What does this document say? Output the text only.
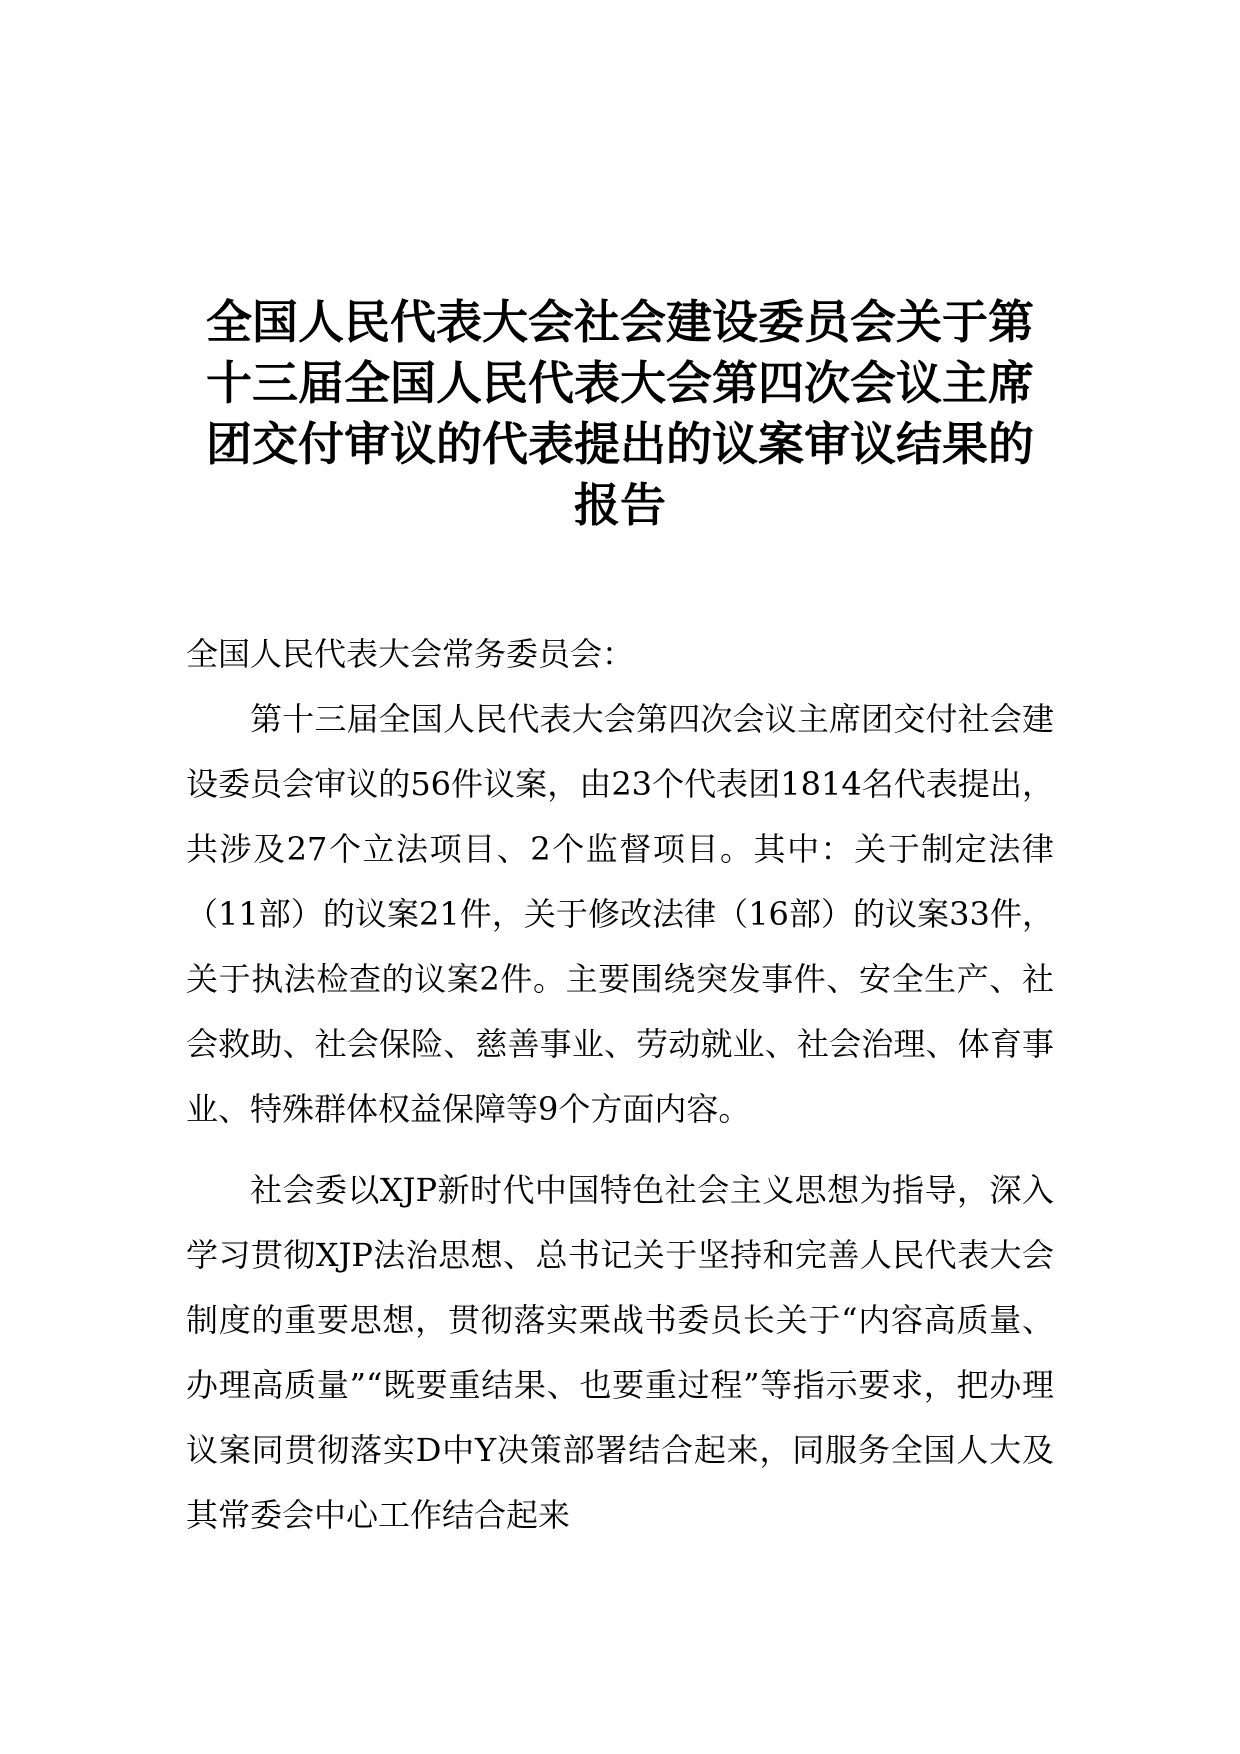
全国人民代表大会社会建设委员会关于第十三届全国人民代表大会第四次会议主席团交付审议的代表提出的议案审议结果的报告

全国人民代表大会常务委员会：

第十三届全国人民代表大会第四次会议主席团交付社会建设委员会审议的56件议案，由23个代表团1814名代表提出，共涉及27个立法项目、2个监督项目。其中：关于制定法律（11部）的议案21件，关于修改法律（16部）的议案33件，关于执法检查的议案2件。主要围绕突发事件、安全生产、社会救助、社会保险、慈善事业、劳动就业、社会治理、体育事业、特殊群体权益保障等9个方面内容。

社会委以XJP新时代中国特色社会主义思想为指导，深入学习贯彻XJP法治思想、总书记关于坚持和完善人民代表大会制度的重要思想，贯彻落实栗战书委员长关于“内容高质量、办理高质量”“既要重结果、也要重过程”等指示要求，把办理议案同贯彻落实D中Y决策部署结合起来，同服务全国人大及其常委会中心工作结合起来
